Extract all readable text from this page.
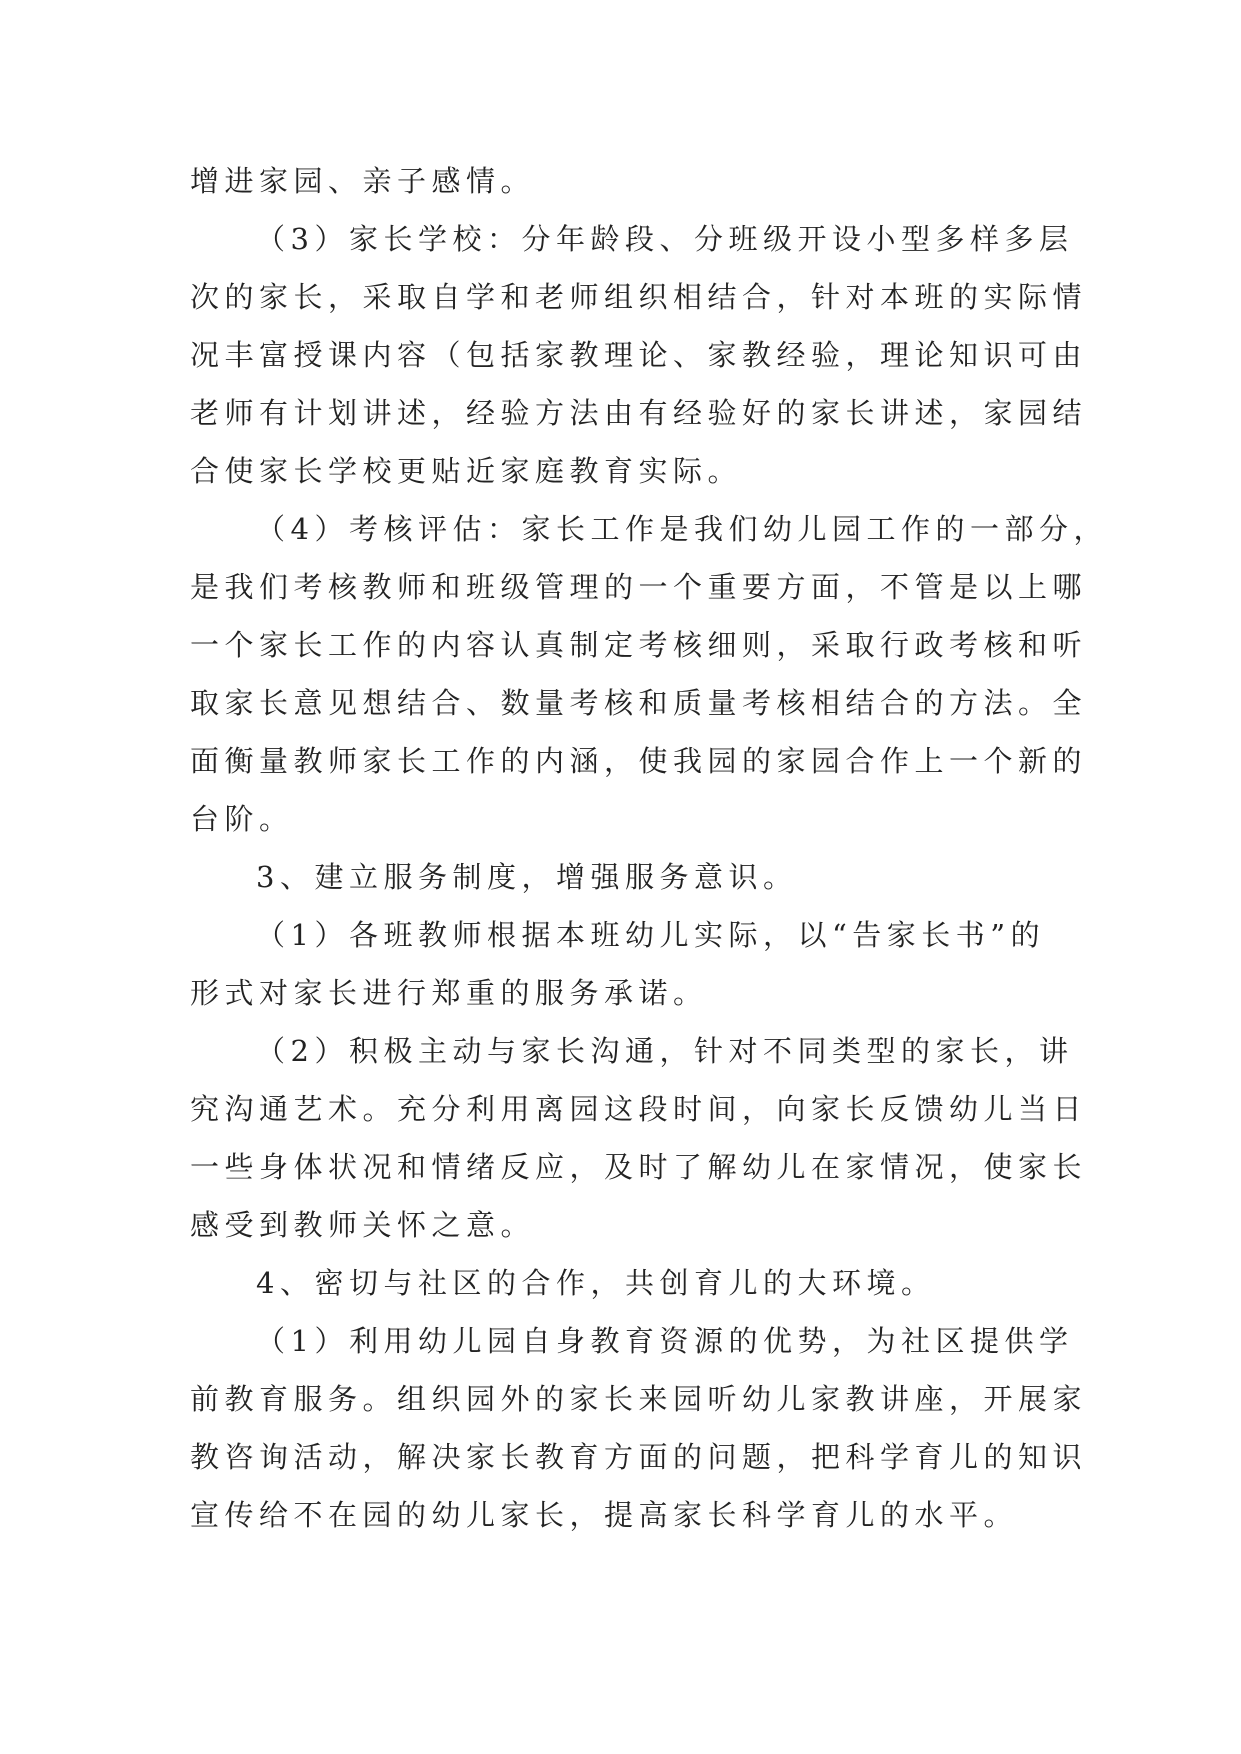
增进家园、亲子感情。
（3）家长学校：分年龄段、分班级开设小型多样多层
次的家长，采取自学和老师组织相结合，针对本班的实际情
况丰富授课内容（包括家教理论、家教经验，理论知识可由
老师有计划讲述，经验方法由有经验好的家长讲述，家园结
合使家长学校更贴近家庭教育实际。
（4）考核评估：家长工作是我们幼儿园工作的一部分，
是我们考核教师和班级管理的一个重要方面，不管是以上哪
一个家长工作的内容认真制定考核细则，采取行政考核和听
取家长意见想结合、数量考核和质量考核相结合的方法。全
面衡量教师家长工作的内涵，使我园的家园合作上一个新的
台阶。
3、建立服务制度，增强服务意识。
（1）各班教师根据本班幼儿实际，以“告家长书”的
形式对家长进行郑重的服务承诺。
（2）积极主动与家长沟通，针对不同类型的家长，讲
究沟通艺术。充分利用离园这段时间，向家长反馈幼儿当日
一些身体状况和情绪反应，及时了解幼儿在家情况，使家长
感受到教师关怀之意。
4、密切与社区的合作，共创育儿的大环境。
（1）利用幼儿园自身教育资源的优势，为社区提供学
前教育服务。组织园外的家长来园听幼儿家教讲座，开展家
教咨询活动，解决家长教育方面的问题，把科学育儿的知识
宣传给不在园的幼儿家长，提高家长科学育儿的水平。
